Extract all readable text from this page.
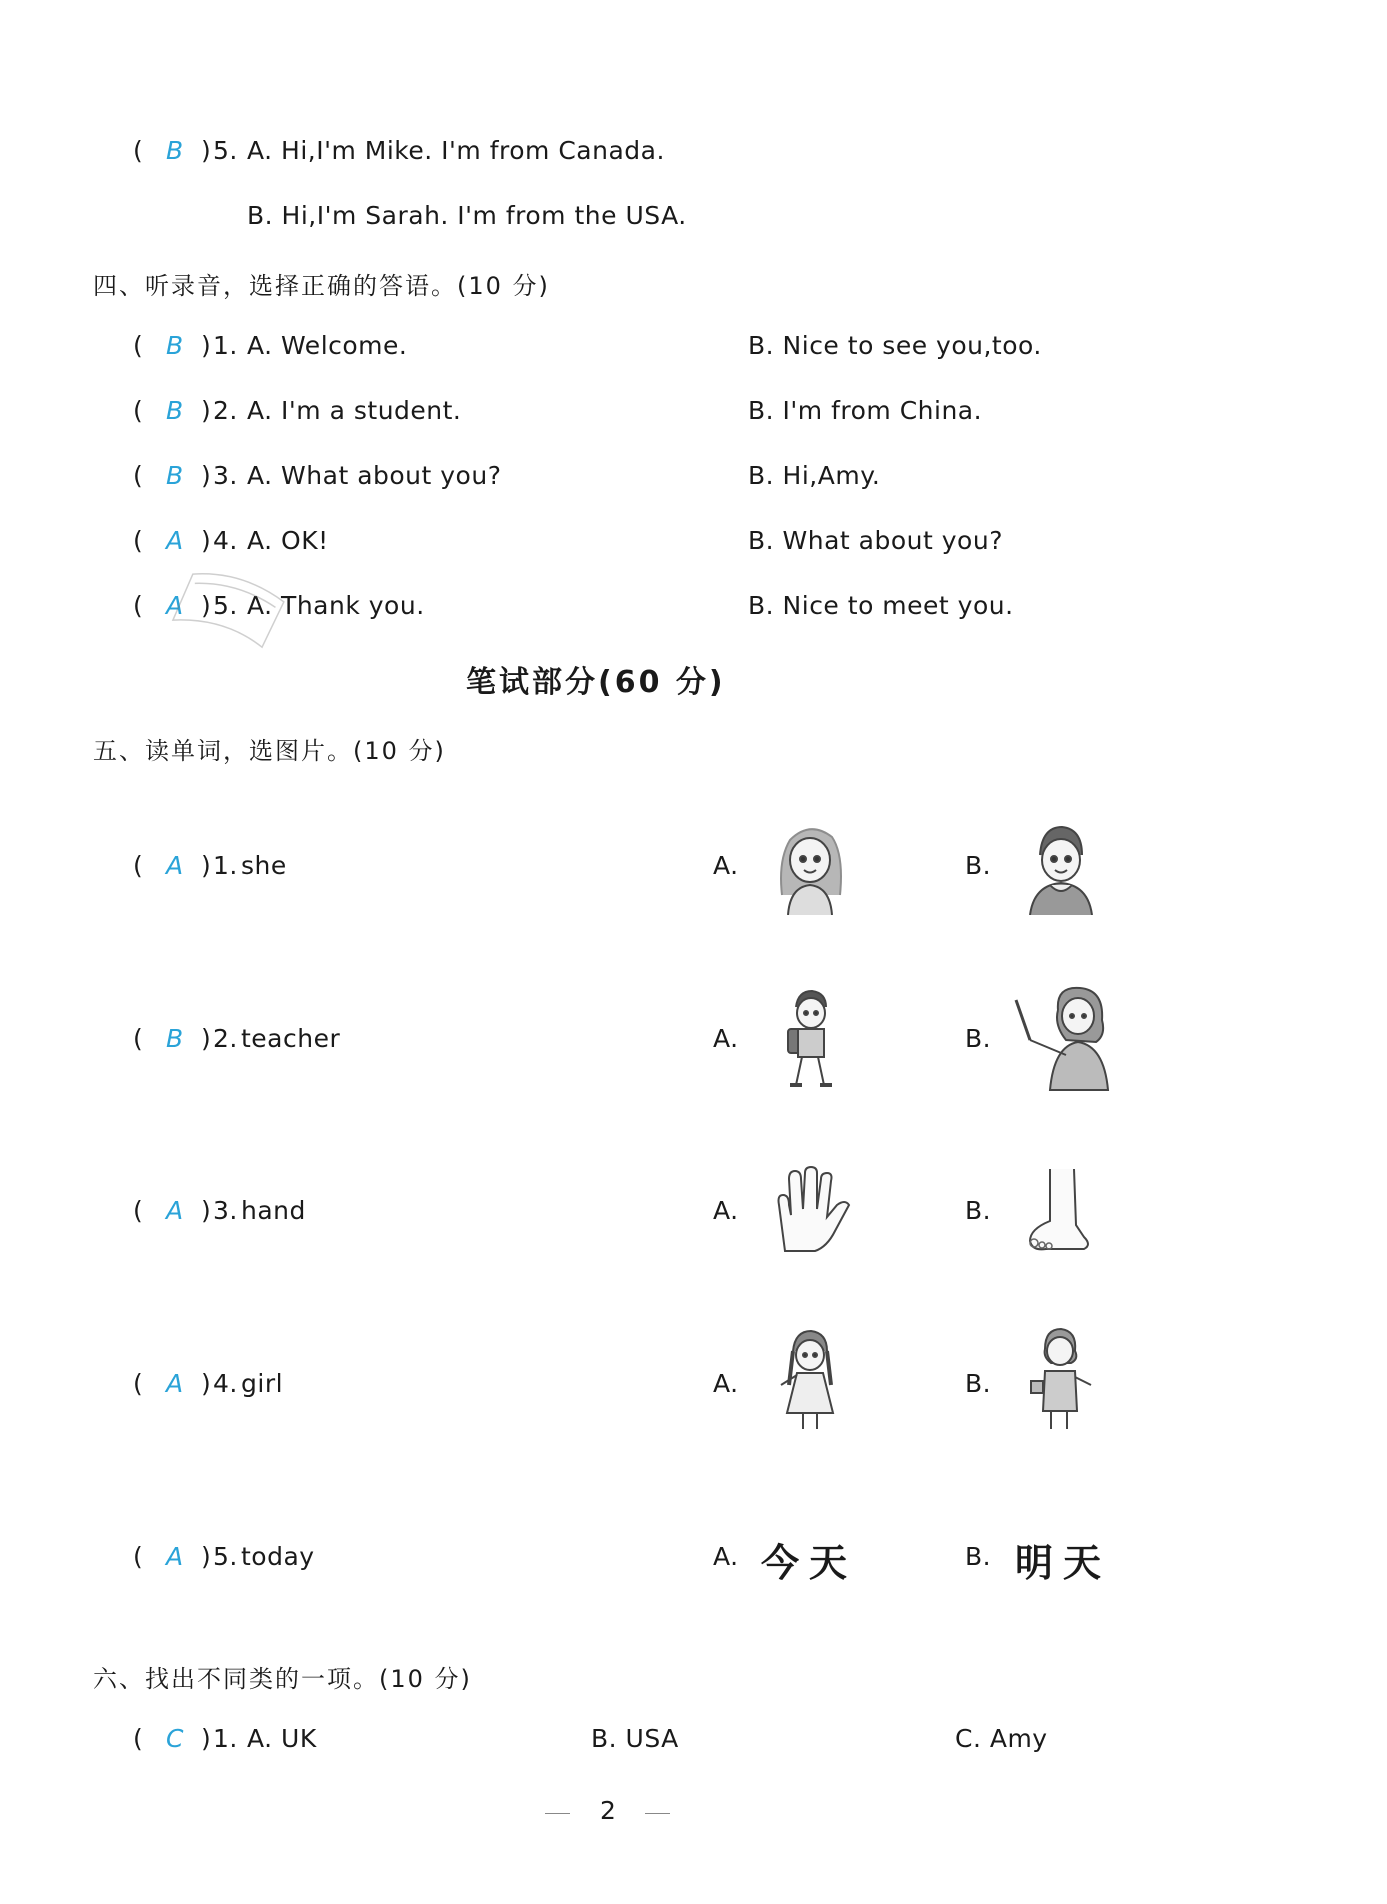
( B ) 5. A. Hi,I'm Mike. I'm from Canada.
B. Hi,I'm Sarah. I'm from the USA.
四、听录音，选择正确的答语。(10 分)
( B ) 1. A. Welcome.	B. Nice to see you,too.
( B ) 2. A. I'm a student.	B. I'm from China.
( B ) 3. A. What about you?	B. Hi,Amy.
( A ) 4. A. OK!	B. What about you?
( A ) 5. A. Thank you.	B. Nice to meet you.
笔试部分(60 分)
五、读单词，选图片。(10 分)
( A ) 1. she	A.	B.
( B ) 2. teacher	A.	B.
( A ) 3. hand	A.	B.
( A ) 4. girl	A.	B.
( A ) 5. today	A. 今天	B. 明天
六、找出不同类的一项。(10 分)
( C ) 1. A. UK	B. USA	C. Amy
2
